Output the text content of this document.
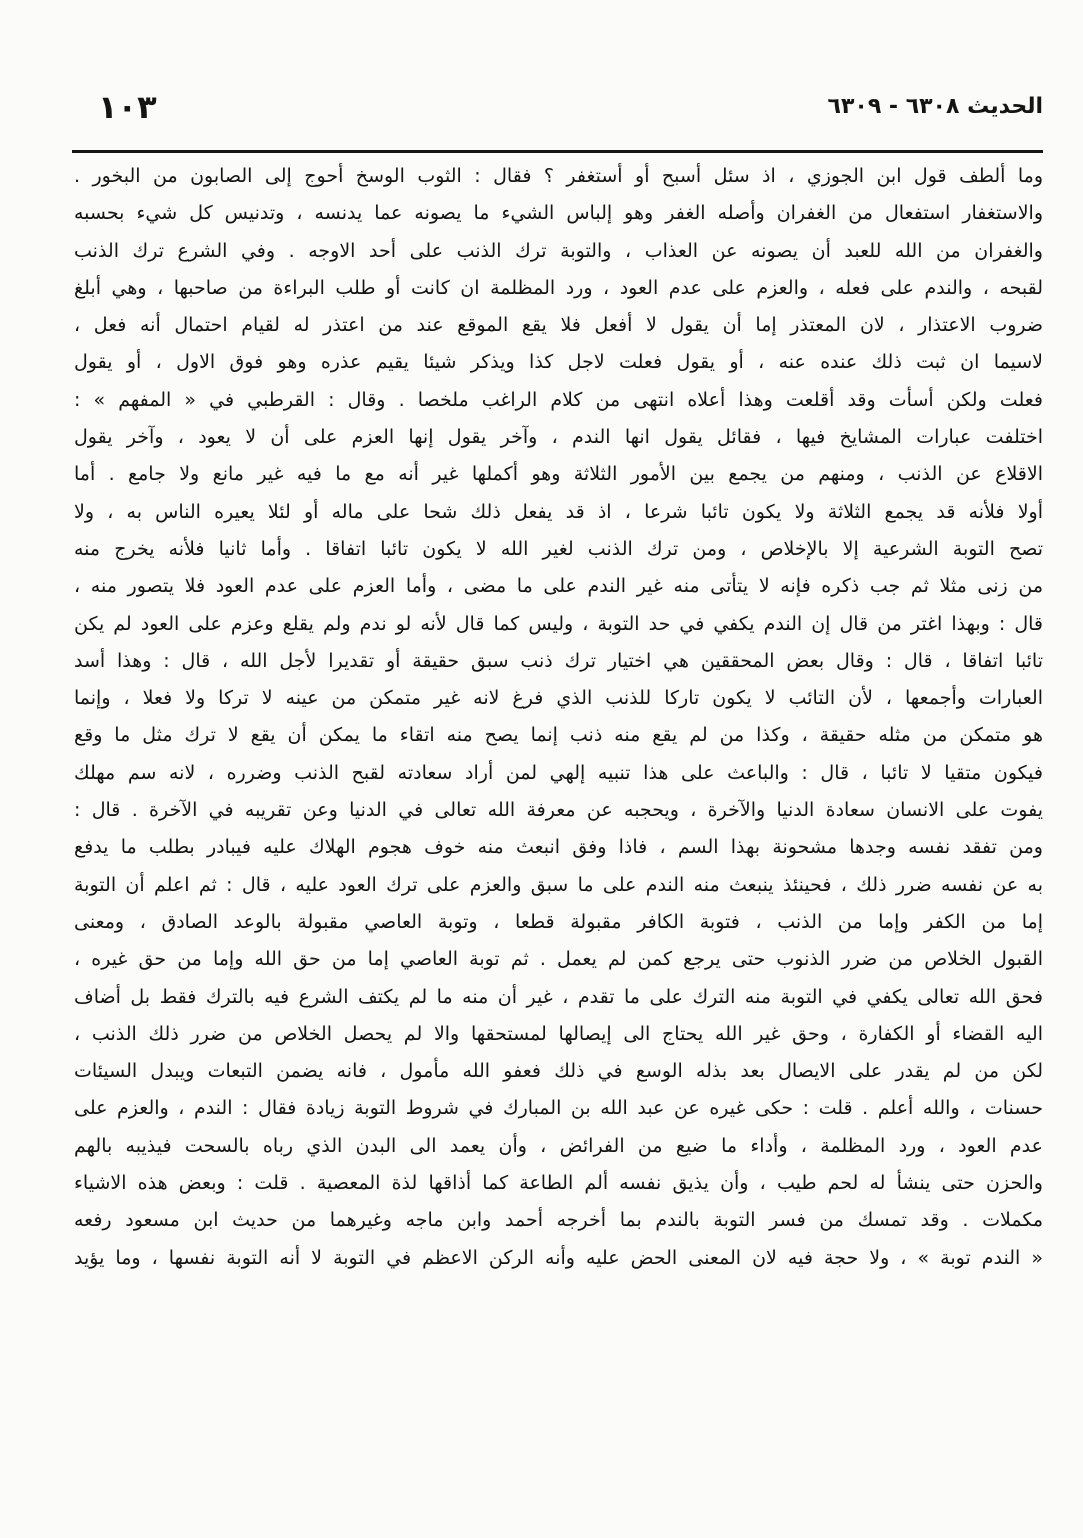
الحديث ٦٣٠٨ - ٦٣٠٩
١٠٣
وما ألطف قول ابن الجوزي ، اذ سئل أسبح أو أستغفر ؟ فقال : الثوب الوسخ أحوج إلى الصابون من البخور .
والاستغفار استفعال من الغفران وأصله الغفر وهو إلباس الشيء ما يصونه عما يدنسه ، وتدنيس كل شيء بحسبه
والغفران من الله للعبد أن يصونه عن العذاب ، والتوبة ترك الذنب على أحد الاوجه . وفي الشرع ترك الذنب
لقبحه ، والندم على فعله ، والعزم على عدم العود ، ورد المظلمة ان كانت أو طلب البراءة من صاحبها ، وهي أبلغ
ضروب الاعتذار ، لان المعتذر إما أن يقول لا أفعل فلا يقع الموقع عند من اعتذر له لقيام احتمال أنه فعل ،
لاسيما ان ثبت ذلك عنده عنه ، أو يقول فعلت لاجل كذا ويذكر شيئا يقيم عذره وهو فوق الاول ، أو يقول
فعلت ولكن أسأت وقد أقلعت وهذا أعلاه انتهى من كلام الراغب ملخصا . وقال : القرطبي في « المفهم » :
اختلفت عبارات المشايخ فيها ، فقائل يقول انها الندم ، وآخر يقول إنها العزم على أن لا يعود ، وآخر يقول
الاقلاع عن الذنب ، ومنهم من يجمع بين الأمور الثلاثة وهو أكملها غير أنه مع ما فيه غير مانع ولا جامع . أما
أولا فلأنه قد يجمع الثلاثة ولا يكون تائبا شرعا ، اذ قد يفعل ذلك شحا على ماله أو لئلا يعيره الناس به ، ولا
تصح التوبة الشرعية إلا بالإخلاص ، ومن ترك الذنب لغير الله لا يكون تائبا اتفاقا . وأما ثانيا فلأنه يخرج منه
من زنى مثلا ثم جب ذكره فإنه لا يتأتى منه غير الندم على ما مضى ، وأما العزم على عدم العود فلا يتصور منه ،
قال : وبهذا اغتر من قال إن الندم يكفي في حد التوبة ، وليس كما قال لأنه لو ندم ولم يقلع وعزم على العود لم يكن
تائبا اتفاقا ، قال : وقال بعض المحققين هي اختيار ترك ذنب سبق حقيقة أو تقديرا لأجل الله ، قال : وهذا أسد
العبارات وأجمعها ، لأن التائب لا يكون تاركا للذنب الذي فرغ لانه غير متمكن من عينه لا تركا ولا فعلا ، وإنما
هو متمكن من مثله حقيقة ، وكذا من لم يقع منه ذنب إنما يصح منه اتقاء ما يمكن أن يقع لا ترك مثل ما وقع
فيكون متقيا لا تائبا ، قال : والباعث على هذا تنبيه إلهي لمن أراد سعادته لقبح الذنب وضرره ، لانه سم مهلك
يفوت على الانسان سعادة الدنيا والآخرة ، ويحجبه عن معرفة الله تعالى في الدنيا وعن تقريبه في الآخرة . قال :
ومن تفقد نفسه وجدها مشحونة بهذا السم ، فاذا وفق انبعث منه خوف هجوم الهلاك عليه فيبادر بطلب ما يدفع
به عن نفسه ضرر ذلك ، فحينئذ ينبعث منه الندم على ما سبق والعزم على ترك العود عليه ، قال : ثم اعلم أن التوبة
إما من الكفر وإما من الذنب ، فتوبة الكافر مقبولة قطعا ، وتوبة العاصي مقبولة بالوعد الصادق ، ومعنى
القبول الخلاص من ضرر الذنوب حتى يرجع كمن لم يعمل . ثم توبة العاصي إما من حق الله وإما من حق غيره ،
فحق الله تعالى يكفي في التوبة منه الترك على ما تقدم ، غير أن منه ما لم يكتف الشرع فيه بالترك فقط بل أضاف
اليه القضاء أو الكفارة ، وحق غير الله يحتاج الى إيصالها لمستحقها والا لم يحصل الخلاص من ضرر ذلك الذنب ،
لكن من لم يقدر على الايصال بعد بذله الوسع في ذلك فعفو الله مأمول ، فانه يضمن التبعات ويبدل السيئات
حسنات ، والله أعلم . قلت : حكى غيره عن عبد الله بن المبارك في شروط التوبة زيادة فقال : الندم ، والعزم على
عدم العود ، ورد المظلمة ، وأداء ما ضيع من الفرائض ، وأن يعمد الى البدن الذي رباه بالسحت فيذيبه بالهم
والحزن حتى ينشأ له لحم طيب ، وأن يذيق نفسه ألم الطاعة كما أذاقها لذة المعصية . قلت : وبعض هذه الاشياء
مكملات . وقد تمسك من فسر التوبة بالندم بما أخرجه أحمد وابن ماجه وغيرهما من حديث ابن مسعود رفعه
« الندم توبة » ، ولا حجة فيه لان المعنى الحض عليه وأنه الركن الاعظم في التوبة لا أنه التوبة نفسها ، وما يؤيد
